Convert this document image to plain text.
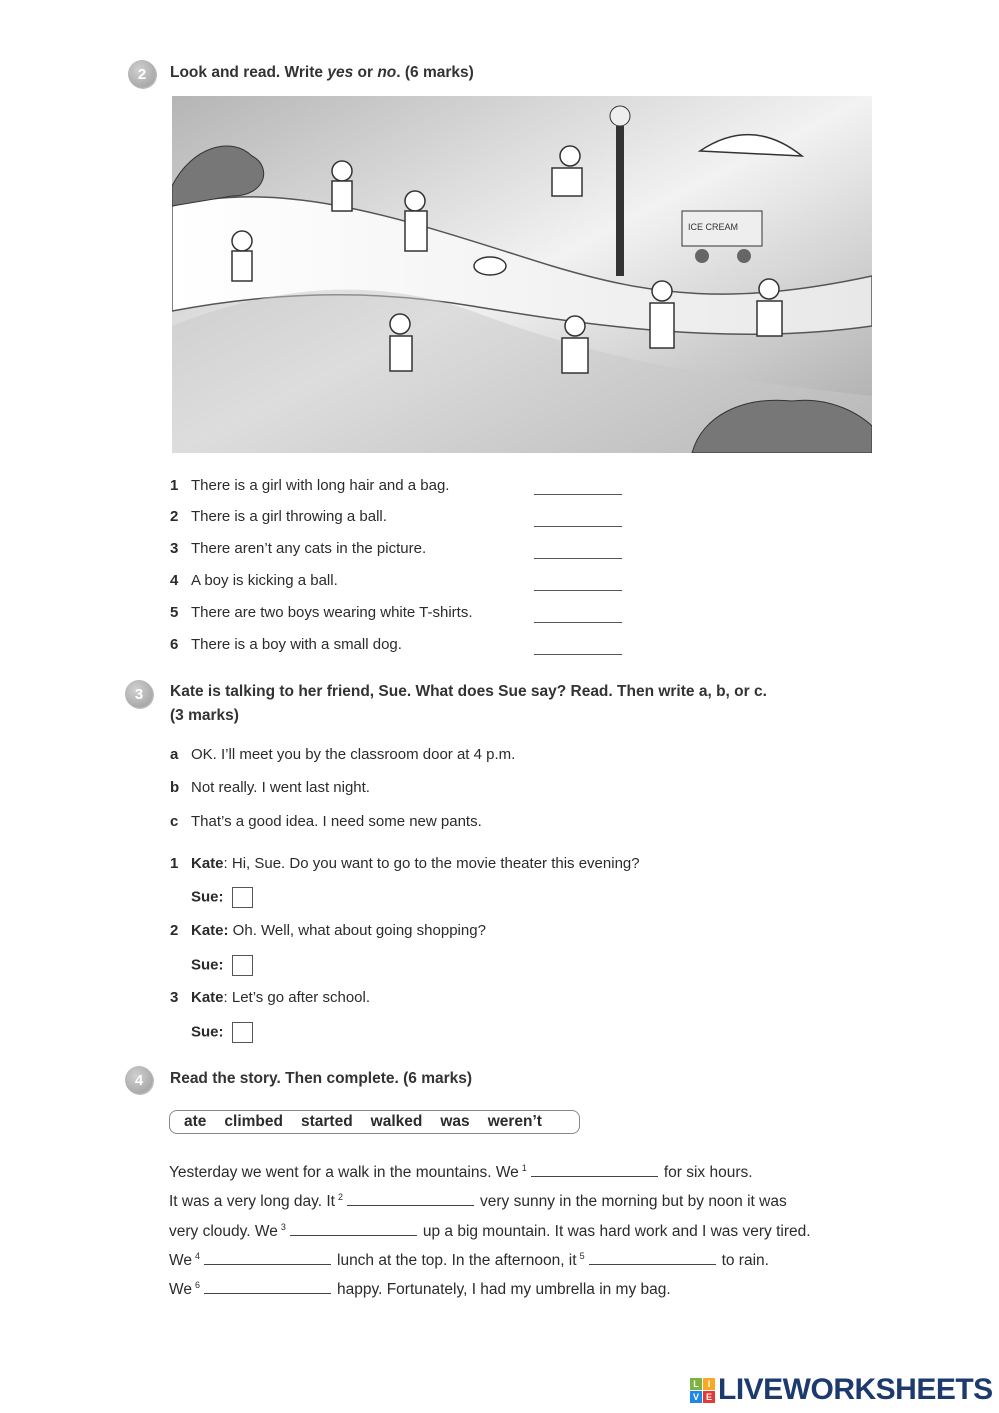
2	Look and read. Write yes or no. (6 marks)
ICE CREAM
1 There is a girl with long hair and a bag.
2 There is a girl throwing a ball.
3 There aren’t any cats in the picture.
4 A boy is kicking a ball.
5 There are two boys wearing white T-shirts.
6 There is a boy with a small dog.
3	Kate is talking to her friend, Sue. What does Sue say? Read. Then write a, b, or c.
(3 marks)
a OK. I’ll meet you by the classroom door at 4 p.m.
b Not really. I went last night.
c That’s a good idea. I need some new pants.
1 Kate: Hi, Sue. Do you want to go to the movie theater this evening?
Sue:
2 Kate: Oh. Well, what about going shopping?
Sue:
3 Kate: Let’s go after school.
Sue:
4	Read the story. Then complete. (6 marks)
ate climbed started walked was weren’t
Yesterday we went for a walk in the mountains. We $^1$	for six hours.
It was a very long day. It $^2$	very sunny in the morning but by noon it was
very cloudy. We $^3$	up a big mountain. It was hard work and I was very tired.
We $^4$	lunch at the top. In the afternoon, it $^5$	to rain.
We $^6$	happy. Fortunately, I had my umbrella in my bag.
L I
V E LIVEWORKSHEETS
